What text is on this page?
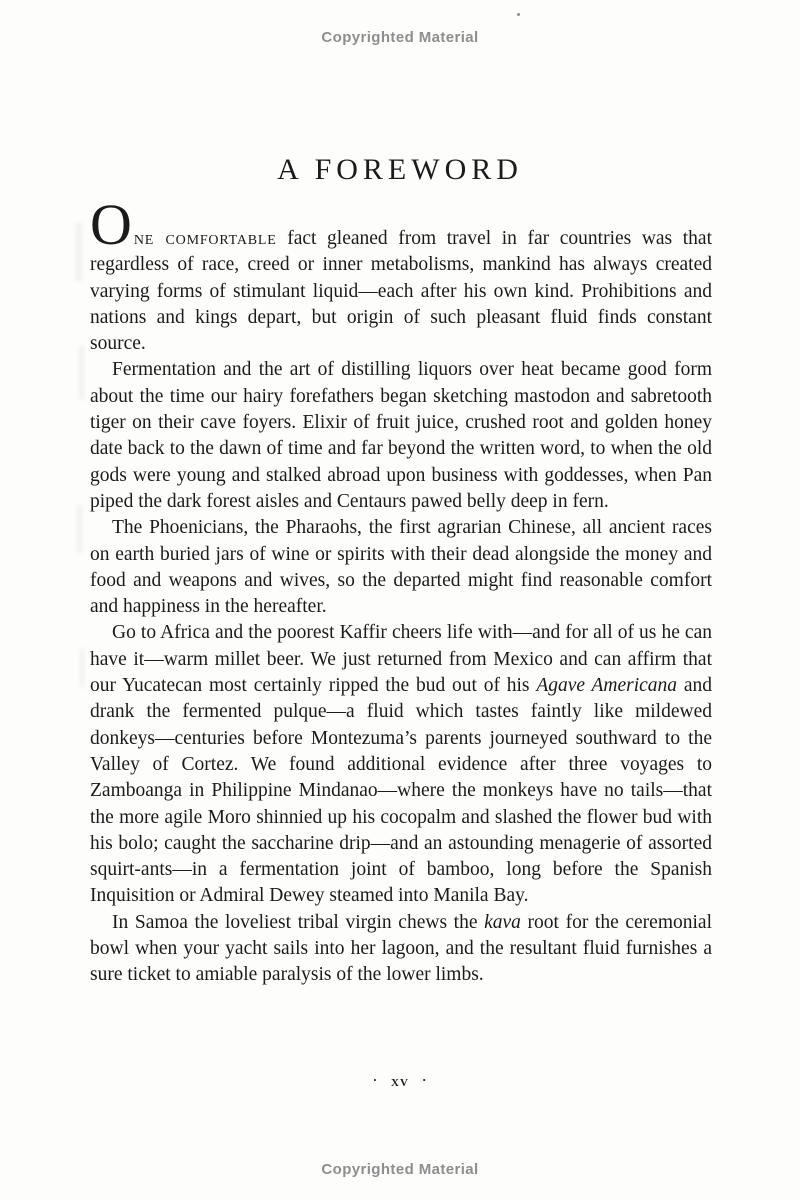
Copyrighted Material
A FOREWORD

One comfortable fact gleaned from travel in far countries was that regardless of race, creed or inner metabolisms, mankind has always created varying forms of stimulant liquid—each after his own kind. Prohibitions and nations and kings depart, but origin of such pleasant fluid finds constant source.

Fermentation and the art of distilling liquors over heat became good form about the time our hairy forefathers began sketching mastodon and sabretooth tiger on their cave foyers. Elixir of fruit juice, crushed root and golden honey date back to the dawn of time and far beyond the written word, to when the old gods were young and stalked abroad upon business with goddesses, when Pan piped the dark forest aisles and Centaurs pawed belly deep in fern.

The Phoenicians, the Pharaohs, the first agrarian Chinese, all ancient races on earth buried jars of wine or spirits with their dead alongside the money and food and weapons and wives, so the departed might find reasonable comfort and happiness in the hereafter.

Go to Africa and the poorest Kaffir cheers life with—and for all of us he can have it—warm millet beer. We just returned from Mexico and can affirm that our Yucatecan most certainly ripped the bud out of his Agave Americana and drank the fermented pulque—a fluid which tastes faintly like mildewed donkeys—centuries before Montezuma’s parents journeyed southward to the Valley of Cortez. We found additional evidence after three voyages to Zamboanga in Philippine Mindanao—where the monkeys have no tails—that the more agile Moro shinnied up his cocopalm and slashed the flower bud with his bolo; caught the saccharine drip—and an astounding menagerie of assorted squirt-ants—in a fermentation joint of bamboo, long before the Spanish Inquisition or Admiral Dewey steamed into Manila Bay.

In Samoa the loveliest tribal virgin chews the kava root for the ceremonial bowl when your yacht sails into her lagoon, and the resultant fluid furnishes a sure ticket to amiable paralysis of the lower limbs.

· xv ·
Copyrighted Material
